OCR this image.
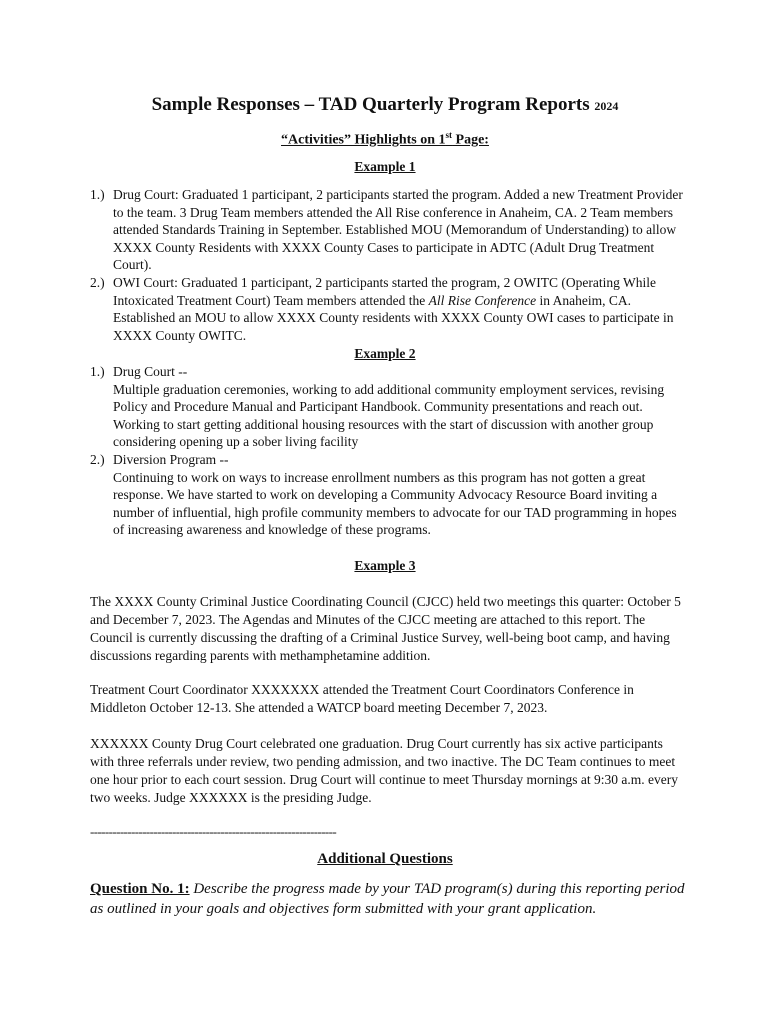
Sample Responses – TAD Quarterly Program Reports 2024
“Activities” Highlights on 1st Page:
Example 1
1.) Drug Court: Graduated 1 participant, 2 participants started the program. Added a new Treatment Provider to the team. 3 Drug Team members attended the All Rise conference in Anaheim, CA. 2 Team members attended Standards Training in September. Established MOU (Memorandum of Understanding) to allow XXXX County Residents with XXXX County Cases to participate in ADTC (Adult Drug Treatment Court).
2.) OWI Court: Graduated 1 participant, 2 participants started the program, 2 OWITC (Operating While Intoxicated Treatment Court) Team members attended the All Rise Conference in Anaheim, CA. Established an MOU to allow XXXX County residents with XXXX County OWI cases to participate in XXXX County OWITC.
Example 2
1.) Drug Court --
Multiple graduation ceremonies, working to add additional community employment services, revising Policy and Procedure Manual and Participant Handbook. Community presentations and reach out. Working to start getting additional housing resources with the start of discussion with another group considering opening up a sober living facility
2.) Diversion Program --
Continuing to work on ways to increase enrollment numbers as this program has not gotten a great response. We have started to work on developing a Community Advocacy Resource Board inviting a number of influential, high profile community members to advocate for our TAD programming in hopes of increasing awareness and knowledge of these programs.
Example 3

The XXXX County Criminal Justice Coordinating Council (CJCC) held two meetings this quarter: October 5 and December 7, 2023. The Agendas and Minutes of the CJCC meeting are attached to this report. The Council is currently discussing the drafting of a Criminal Justice Survey, well-being boot camp, and having discussions regarding parents with methamphetamine addition.

Treatment Court Coordinator XXXXXXX attended the Treatment Court Coordinators Conference in Middleton October 12-13. She attended a WATCP board meeting December 7, 2023.

XXXXXX County Drug Court celebrated one graduation. Drug Court currently has six active participants with three referrals under review, two pending admission, and two inactive. The DC Team continues to meet one hour prior to each court session. Drug Court will continue to meet Thursday mornings at 9:30 a.m. every two weeks. Judge XXXXXX is the presiding Judge.

------------------------------------------------------------------
Additional Questions

Question No. 1: Describe the progress made by your TAD program(s) during this reporting period as outlined in your goals and objectives form submitted with your grant application.
